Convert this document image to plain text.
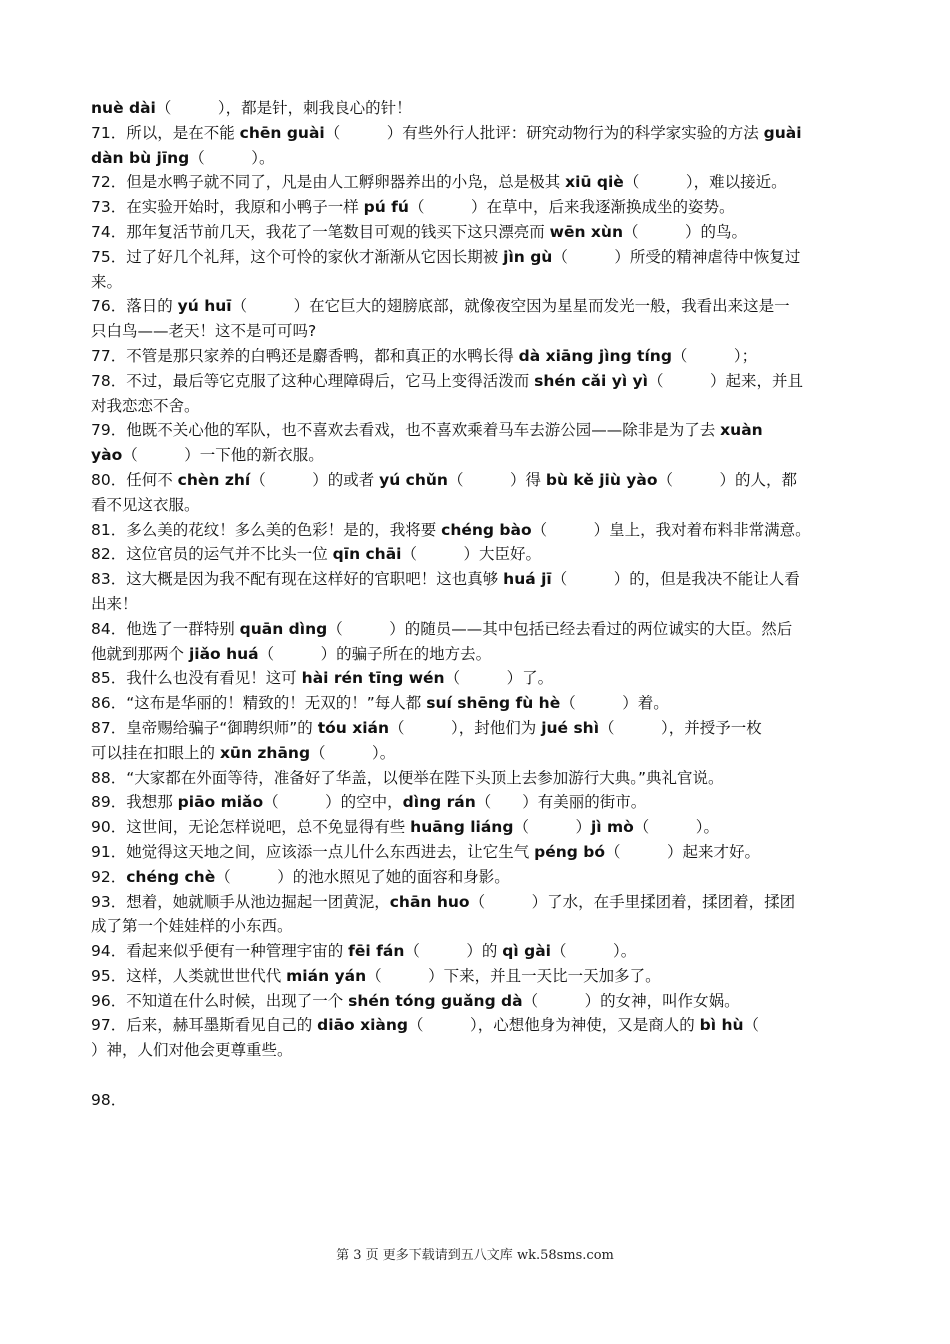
nuè dài（　　　），都是针，刺我良心的针！
71．所以，是在不能 chēn guài（　　　）有些外行人批评：研究动物行为的科学家实验的方法 guài
dàn bù jīng（　　　）。
72．但是水鸭子就不同了，凡是由人工孵卵器养出的小凫，总是极其 xiū qiè（　　　），难以接近。
73．在实验开始时，我原和小鸭子一样 pú fú（　　　）在草中，后来我逐渐换成坐的姿势。
74．那年复活节前几天，我花了一笔数目可观的钱买下这只漂亮而 wēn xùn（　　　）的鸟。
75．过了好几个礼拜，这个可怜的家伙才渐渐从它因长期被 jìn gù（　　　）所受的精神虐待中恢复过
来。
76．落日的 yú huī（　　　）在它巨大的翅膀底部，就像夜空因为星星而发光一般，我看出来这是一
只白鸟——老天！这不是可可吗?
77．不管是那只家养的白鸭还是麝香鸭，都和真正的水鸭长得 dà xiāng jìng tíng（　　　）；
78．不过，最后等它克服了这种心理障碍后，它马上变得活泼而 shén cǎi yì yì（　　　）起来，并且
对我恋恋不舍。
79．他既不关心他的军队，也不喜欢去看戏，也不喜欢乘着马车去游公园——除非是为了去 xuàn
yào（　　　）一下他的新衣服。
80．任何不 chèn zhí（　　　）的或者 yú chǔn（　　　）得 bù kě jiù yào（　　　）的人，都
看不见这衣服。
81．多么美的花纹！多么美的色彩！是的，我将要 chéng bào（　　　）皇上，我对着布料非常满意。
82．这位官员的运气并不比头一位 qīn chāi（　　　）大臣好。
83．这大概是因为我不配有现在这样好的官职吧！这也真够 huá jī（　　　）的，但是我决不能让人看
出来！
84．他选了一群特别 quān dìng（　　　）的随员——其中包括已经去看过的两位诚实的大臣。然后
他就到那两个 jiǎo huá（　　　）的骗子所在的地方去。
85．我什么也没有看见！这可 hài rén tīng wén（　　　）了。
86．“这布是华丽的！精致的！无双的！”每人都 suí shēng fù hè（　　　）着。
87．皇帝赐给骗子“御聘织师”的 tóu xián（　　　），封他们为 jué shì（　　　），并授予一枚
可以挂在扣眼上的 xūn zhāng（　　　）。
88．“大家都在外面等待，准备好了华盖，以便举在陛下头顶上去参加游行大典。”典礼官说。
89．我想那 piāo miǎo（　　　）的空中，dìng rán（　　）有美丽的街市。
90．这世间，无论怎样说吧，总不免显得有些 huāng liáng（　　　）jì mò（　　　）。
91．她觉得这天地之间，应该添一点儿什么东西进去，让它生气 péng bó（　　　）起来才好。
92．chéng chè（　　　）的池水照见了她的面容和身影。
93．想着，她就顺手从池边掘起一团黄泥，chān huo（　　　）了水，在手里揉团着，揉团着，揉团
成了第一个娃娃样的小东西。
94．看起来似乎便有一种管理宇宙的 fēi fán（　　　）的 qì gài（　　　）。
95．这样，人类就世世代代 mián yán（　　　）下来，并且一天比一天加多了。
96．不知道在什么时候，出现了一个 shén tóng guǎng dà（　　　）的女神，叫作女娲。
97．后来，赫耳墨斯看见自己的 diāo xiàng（　　　），心想他身为神使，又是商人的 bì hù（
）神，人们对他会更尊重些。
98．
第 3 页 更多下载请到五八文库 wk.58sms.com
